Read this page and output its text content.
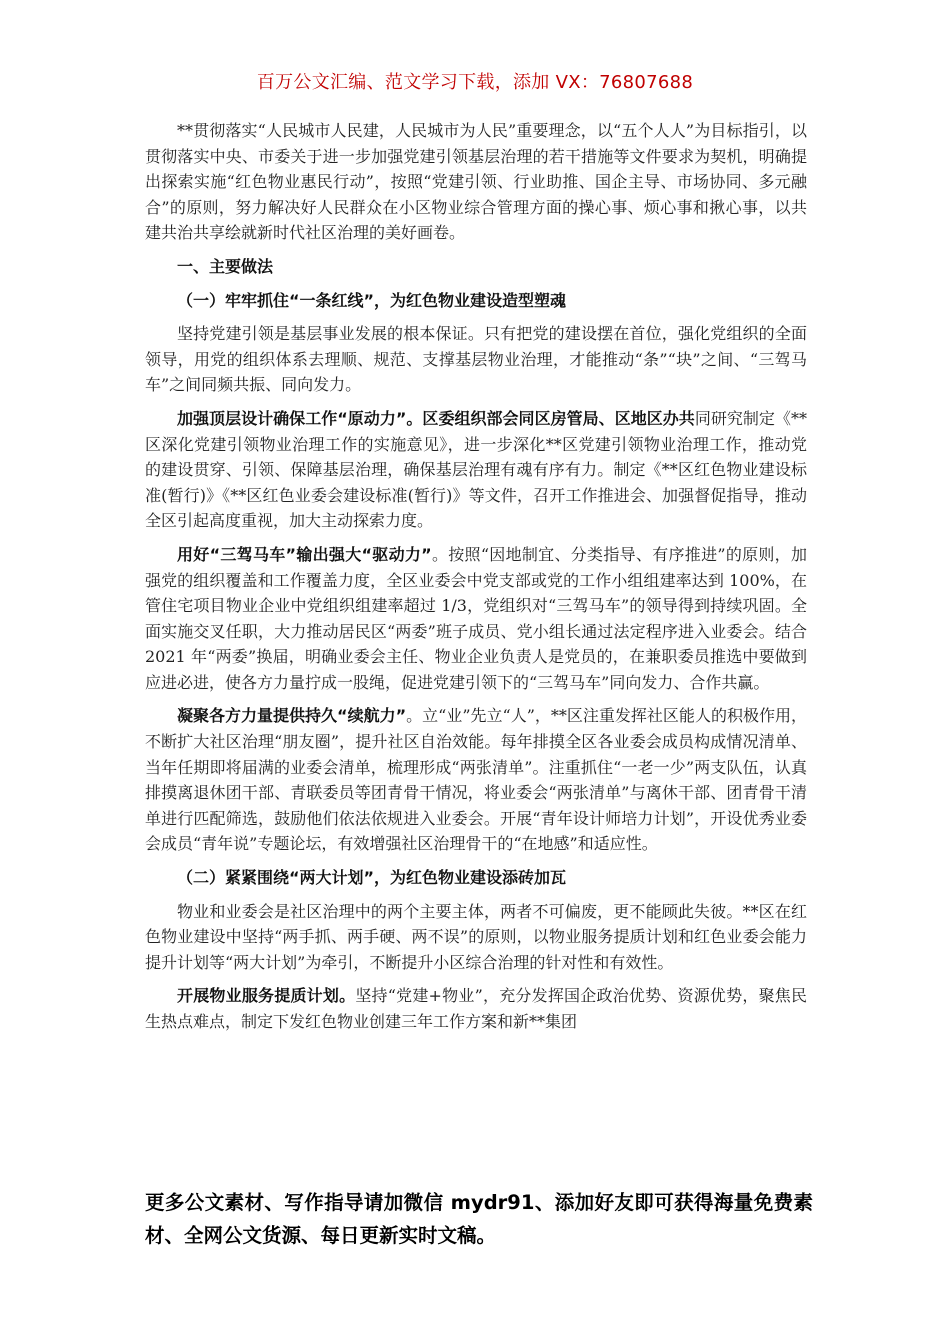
百万公文汇编、范文学习下载，添加 VX：76807688

**贯彻落实“人民城市人民建，人民城市为人民”重要理念，以“五个人人”为目标指引，以贯彻落实中央、市委关于进一步加强党建引领基层治理的若干措施等文件要求为契机，明确提出探索实施“红色物业惠民行动”，按照“党建引领、行业助推、国企主导、市场协同、多元融合”的原则，努力解决好人民群众在小区物业综合管理方面的操心事、烦心事和揪心事，以共建共治共享绘就新时代社区治理的美好画卷。

一、主要做法

（一）牢牢抓住“一条红线”，为红色物业建设造型塑魂

坚持党建引领是基层事业发展的根本保证。只有把党的建设摆在首位，强化党组织的全面领导，用党的组织体系去理顺、规范、支撑基层物业治理，才能推动“条”“块”之间、“三驾马车”之间同频共振、同向发力。

加强顶层设计确保工作“原动力”。区委组织部会同区房管局、区地区办共同研究制定《**区深化党建引领物业治理工作的实施意见》，进一步深化**区党建引领物业治理工作，推动党的建设贯穿、引领、保障基层治理，确保基层治理有魂有序有力。制定《**区红色物业建设标准(暂行)》《**区红色业委会建设标准(暂行)》等文件，召开工作推进会、加强督促指导，推动全区引起高度重视，加大主动探索力度。

用好“三驾马车”输出强大“驱动力”。按照“因地制宜、分类指导、有序推进”的原则，加强党的组织覆盖和工作覆盖力度，全区业委会中党支部或党的工作小组组建率达到 100%，在管住宅项目物业企业中党组织组建率超过 1/3，党组织对“三驾马车”的领导得到持续巩固。全面实施交叉任职，大力推动居民区“两委”班子成员、党小组长通过法定程序进入业委会。结合 2021 年“两委”换届，明确业委会主任、物业企业负责人是党员的，在兼职委员推选中要做到应进必进，使各方力量拧成一股绳，促进党建引领下的“三驾马车”同向发力、合作共赢。

凝聚各方力量提供持久“续航力”。立“业”先立“人”，**区注重发挥社区能人的积极作用，不断扩大社区治理“朋友圈”，提升社区自治效能。每年排摸全区各业委会成员构成情况清单、当年任期即将届满的业委会清单，梳理形成“两张清单”。注重抓住“一老一少”两支队伍，认真排摸离退休团干部、青联委员等团青骨干情况，将业委会“两张清单”与离休干部、团青骨干清单进行匹配筛选，鼓励他们依法依规进入业委会。开展“青年设计师培力计划”，开设优秀业委会成员“青年说”专题论坛，有效增强社区治理骨干的“在地感”和适应性。

（二）紧紧围绕“两大计划”，为红色物业建设添砖加瓦

物业和业委会是社区治理中的两个主要主体，两者不可偏废，更不能顾此失彼。**区在红色物业建设中坚持“两手抓、两手硬、两不误”的原则，以物业服务提质计划和红色业委会能力提升计划等“两大计划”为牵引，不断提升小区综合治理的针对性和有效性。

开展物业服务提质计划。坚持“党建+物业”，充分发挥国企政治优势、资源优势，聚焦民生热点难点，制定下发红色物业创建三年工作方案和新**集团

更多公文素材、写作指导请加微信 mydr91、添加好友即可获得海量免费素材、全网公文货源、每日更新实时文稿。
